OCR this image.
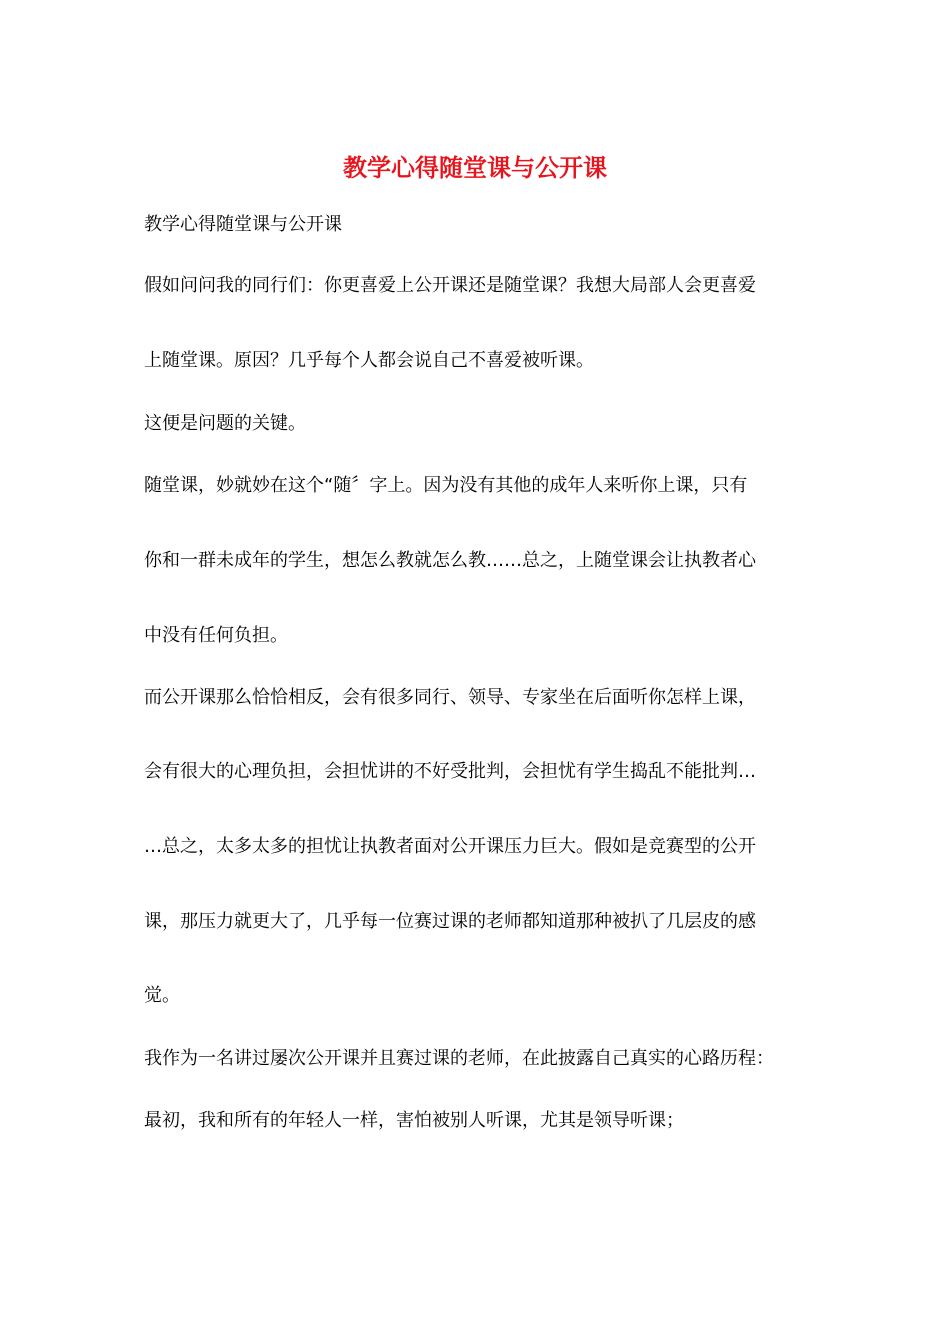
教学心得随堂课与公开课

教学心得随堂课与公开课

假如问问我的同行们：你更喜爱上公开课还是随堂课？我想大局部人会更喜爱

上随堂课。原因？几乎每个人都会说自己不喜爱被听课。

这便是问题的关键。

随堂课，妙就妙在这个“随〞字上。因为没有其他的成年人来听你上课，只有

你和一群未成年的学生，想怎么教就怎么教……总之，上随堂课会让执教者心

中没有任何负担。

而公开课那么恰恰相反，会有很多同行、领导、专家坐在后面听你怎样上课，

会有很大的心理负担，会担忧讲的不好受批判，会担忧有学生捣乱不能批判…

…总之，太多太多的担忧让执教者面对公开课压力巨大。假如是竞赛型的公开

课，那压力就更大了，几乎每一位赛过课的老师都知道那种被扒了几层皮的感

觉。

我作为一名讲过屡次公开课并且赛过课的老师，在此披露自己真实的心路历程：

最初，我和所有的年轻人一样，害怕被别人听课，尤其是领导听课；
